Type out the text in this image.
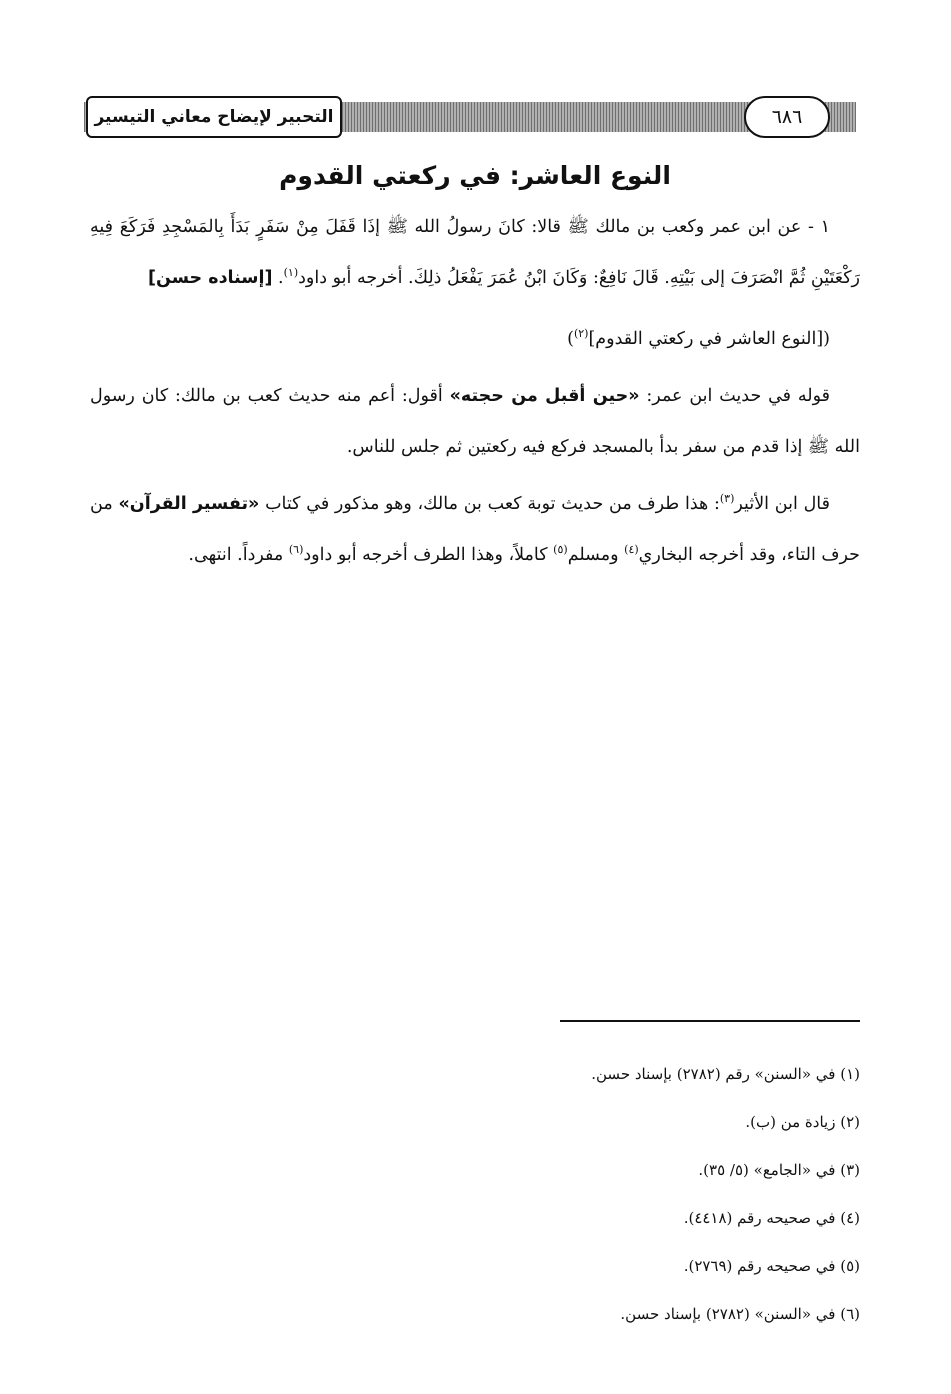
التحبير لإيضاح معاني التيسير	٦٨٦
النوع العاشر: في ركعتي القدوم

١ - عن ابن عمر وكعب بن مالك ﷺ قالا: كانَ رسولُ الله ﷺ إذَا قَفَلَ مِنْ سَفَرٍ بَدَأَ بِالمَسْجِدِ فَرَكَعَ فِيهِ رَكْعَتَيْنِ ثُمَّ انْصَرَفَ إلى بَيْتِهِ. قَالَ نَافِعٌ: وَكَانَ ابْنُ عُمَرَ يَفْعَلُ ذلِكَ. أخرجه أبو داود$^{(١)}$. [إسناده حسن]

([النوع العاشر في ركعتي القدوم]$^{(٢)}$)

قوله في حديث ابن عمر: «حين أقبل من حجته» أقول: أعم منه حديث كعب بن مالك: كان رسول الله ﷺ إذا قدم من سفر بدأ بالمسجد فركع فيه ركعتين ثم جلس للناس.

قال ابن الأثير$^{(٣)}$: هذا طرف من حديث توبة كعب بن مالك، وهو مذكور في كتاب «تفسير القرآن» من حرف التاء، وقد أخرجه البخاري$^{(٤)}$ ومسلم$^{(٥)}$ كاملاً، وهذا الطرف أخرجه أبو داود$^{(٦)}$ مفرداً. انتهى.

(١) في «السنن» رقم (٢٧٨٢) بإسناد حسن.
(٢) زيادة من (ب).
(٣) في «الجامع» (٥/ ٣٥).
(٤) في صحيحه رقم (٤٤١٨).
(٥) في صحيحه رقم (٢٧٦٩).
(٦) في «السنن» (٢٧٨٢) بإسناد حسن.
